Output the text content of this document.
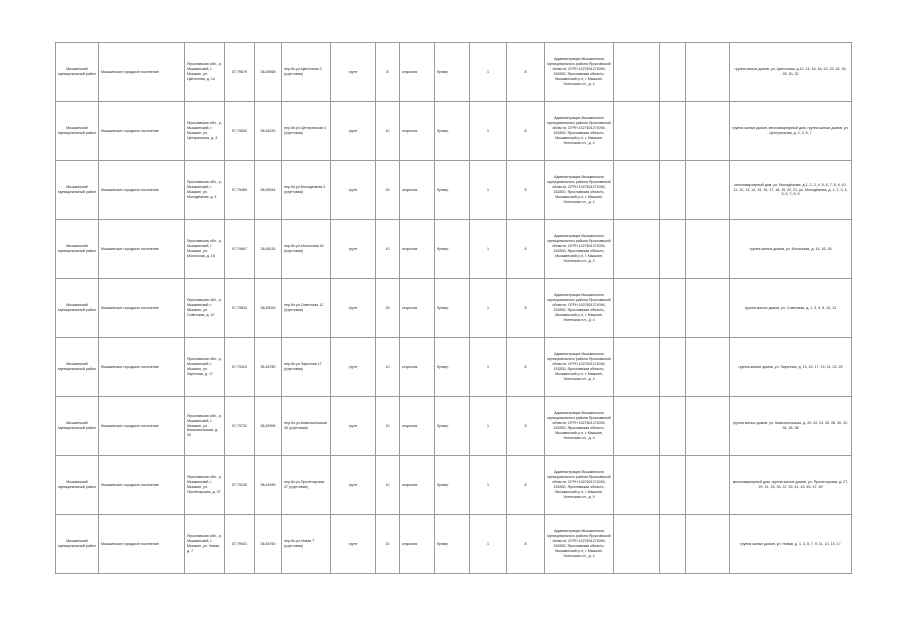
Мышкинский муниципальный район	Мышкинское городское поселение	Ярославская обл., р. Мышкинский, г. Мышкин, ул. Цветочная, д. 14	57,79679	38,45568	пер.Кн.ул.Цветочная 2 (грунтовая)	грунт	8	открытая	бункер	1	8	Администрация Мышкинского муниципального района Ярославской области, ОГРН 1027601274094, 152830, Ярославская область, Мышкинский р-н, г. Мышкин, Успенская пл., д. 4				группа жилых домов, ул. Цветочная, д.12, 14, 16, 18, 20, 22, 24, 26, 28, 30, 32
Мышкинский муниципальный район	Мышкинское городское поселение	Ярославская обл., р. Мышкинский, г. Мышкин, ул. Центральная, д. 3	57,79652	38,45230	пер.Кн.ул.Центральная 3 (грунтовая)	грунт	10	открытая	бункер	1	8	Администрация Мышкинского муниципального района Ярославской области, ОГРН 1027601274094, 152830, Ярославская область, Мышкинский р-н, г. Мышкин, Успенская пл., д. 4				группа жилых домов, многоквартирный дом, группа жилых домов, ул. Центральная, д. 2, 3, 5, 7
Мышкинский муниципальный район	Мышкинское городское поселение	Ярославская обл., р. Мышкинский, г. Мышкин, ул. Молодёжная, д. 4	57,79489	38,45944	пер.Кн.ул.Молодёжная 4 (грунтовая)	грунт	25	открытая	бункер	1	8	Администрация Мышкинского муниципального района Ярославской области, ОГРН 1027601274094, 152830, Ярославская область, Мышкинский р-н, г. Мышкин, Успенская пл., д. 4				многоквартирный дом, ул. Молодёжная, д.1, 2, 3, 4, 5, 6, 7, 8, 9, 10, 11, 12, 13, 14, 15, 16, 17, 18, 19, 20, 21, ул. Молодёжная, д. 1, 2, 3, 4, 5, 6, 7, 8, 9
Мышкинский муниципальный район	Мышкинское городское поселение	Ярославская обл., р. Мышкинский, г. Мышкин, ул. Мологская, д. 16	57,79667	38,45115	пер.Кн.ул.Мологская 16 (грунтовая)	грунт	10	открытая	бункер	1	8	Администрация Мышкинского муниципального района Ярославской области, ОГРН 1027601274094, 152830, Ярославская область, Мышкинский р-н, г. Мышкин, Успенская пл., д. 4				группа жилых домов, ул. Мологская, д. 14, 16, 18
Мышкинский муниципальный район	Мышкинское городское поселение	Ярославская обл., р. Мышкинский, г. Мышкин, ул. Советская, д. 12	57,79634	38,45090	пер.Кн.ул.Советская 12 (грунтовая)	грунт	25	открытая	бункер	1	8	Администрация Мышкинского муниципального района Ярославской области, ОГРН 1027601274094, 152830, Ярославская область, Мышкинский р-н, г. Мышкин, Успенская пл., д. 4				группа жилых домов, ул. Советская, д. 1, 3, 5, 8, 10, 12
Мышкинский муниципальный район	Мышкинское городское поселение	Ярославская обл., р. Мышкинский, г. Мышкин, ул. Заречная, д. 17	57,79424	38,45780	пер.Кн.ул.Заречная 17 (грунтовая)	грунт	10	открытая	бункер	1	8	Администрация Мышкинского муниципального района Ярославской области, ОГРН 1027601274094, 152830, Ярославская область, Мышкинский р-н, г. Мышкин, Успенская пл., д. 4				группа жилых домов, ул. Заречная, д. 13, 15, 17, 19, 21, 23, 25
Мышкинский муниципальный район	Мышкинское городское поселение	Ярославская обл., р. Мышкинский, г. Мышкин, ул. Комсомольская, д. 30	57,79732	38,45996	пер.Кн.ул.Комсомольская 30 (грунтовая)	грунт	10	открытая	бункер	1	8	Администрация Мышкинского муниципального района Ярославской области, ОГРН 1027601274094, 152830, Ярославская область, Мышкинский р-н, г. Мышкин, Успенская пл., д. 4				группа жилых домов, ул. Комсомольская, д. 20, 22, 24, 26, 28, 30, 32, 34, 36, 38
Мышкинский муниципальный район	Мышкинское городское поселение	Ярославская обл., р. Мышкинский, г. Мышкин, ул. Пролетарская, д. 37	57,79245	38,44945	пер.Кн.ул.Пролетарская 37 (грунтовая)	грунт	10	открытая	бункер	1	8	Администрация Мышкинского муниципального района Ярославской области, ОГРН 1027601274094, 152830, Ярославская область, Мышкинский р-н, г. Мышкин, Успенская пл., д. 4				многоквартирный дом, группа жилых домов, ул. Пролетарская, д. 27, 29, 31, 33, 35, 37, 39, 41, 43, 45, 47, 49
Мышкинский муниципальный район	Мышкинское городское поселение	Ярославская обл., р. Мышкинский, г. Мышкин, ул. Новая, д. 7	57,79921	38,45750	пер.Кн.ул.Новая 7 (грунтовая)	грунт	10	открытая	бункер	1	8	Администрация Мышкинского муниципального района Ярославской области, ОГРН 1027601274094, 152830, Ярославская область, Мышкинский р-н, г. Мышкин, Успенская пл., д. 4				группа жилых домов, ул. Новая, д. 1, 3, 5, 7, 9, 11, 13, 15, 17
